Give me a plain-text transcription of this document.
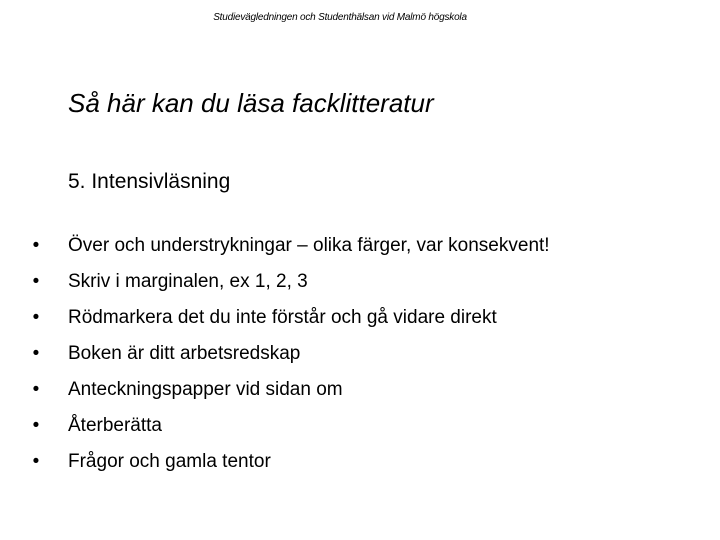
Studievägledningen och Studenthälsan vid Malmö högskola
Så här kan du läsa facklitteratur
5. Intensivläsning
• Över och understrykningar – olika färger, var konsekvent!
• Skriv i marginalen, ex 1, 2, 3
• Rödmarkera det du inte förstår och gå vidare direkt
• Boken är ditt arbetsredskap
• Anteckningspapper vid sidan om
• Återberätta
• Frågor och gamla tentor
